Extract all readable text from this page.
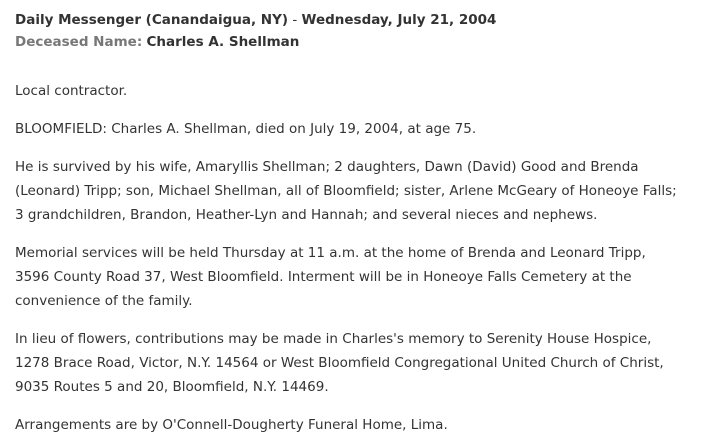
Daily Messenger (Canandaigua, NY) - Wednesday, July 21, 2004
Deceased Name: Charles A. Shellman

Local contractor.

BLOOMFIELD: Charles A. Shellman, died on July 19, 2004, at age 75.

He is survived by his wife, Amaryllis Shellman; 2 daughters, Dawn (David) Good and Brenda
(Leonard) Tripp; son, Michael Shellman, all of Bloomfield; sister, Arlene McGeary of Honeoye Falls;
3 grandchildren, Brandon, Heather-Lyn and Hannah; and several nieces and nephews.

Memorial services will be held Thursday at 11 a.m. at the home of Brenda and Leonard Tripp,
3596 County Road 37, West Bloomfield. Interment will be in Honeoye Falls Cemetery at the
convenience of the family.

In lieu of flowers, contributions may be made in Charles's memory to Serenity House Hospice,
1278 Brace Road, Victor, N.Y. 14564 or West Bloomfield Congregational United Church of Christ,
9035 Routes 5 and 20, Bloomfield, N.Y. 14469.

Arrangements are by O'Connell-Dougherty Funeral Home, Lima.
